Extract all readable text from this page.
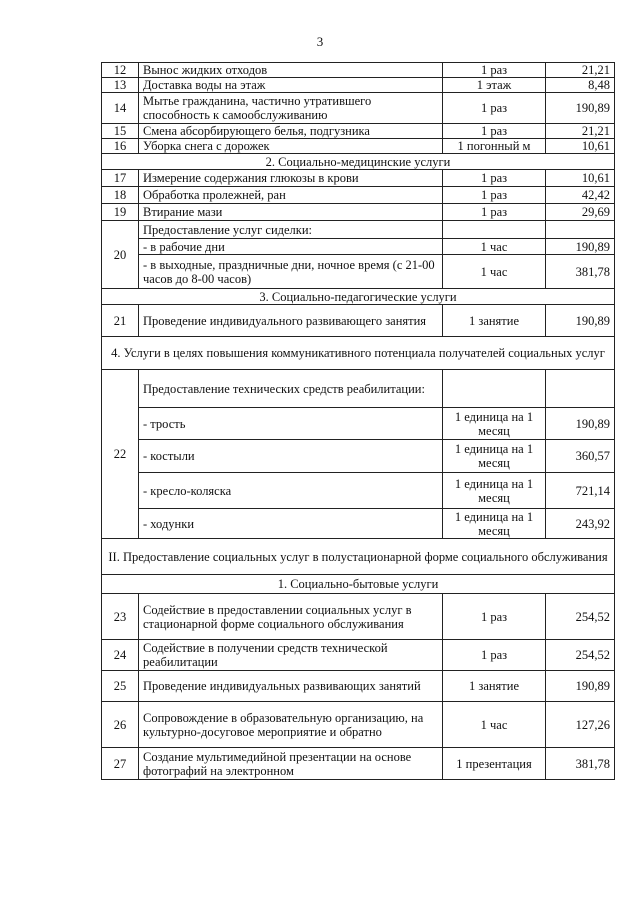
3
12	Вынос жидких отходов	1 раз	21,21
13	Доставка воды на этаж	1 этаж	8,48
14	Мытье гражданина, частично утратившего способность к самообслуживанию	1 раз	190,89
15	Смена абсорбирующего белья, подгузника	1 раз	21,21
16	Уборка снега с дорожек	1 погонный м	10,61
2. Социально-медицинские услуги			
17	Измерение содержания глюкозы в крови	1 раз	10,61
18	Обработка пролежней, ран	1 раз	42,42
19	Втирание мази	1 раз	29,69
20	Предоставление услуг сиделки:		
	- в рабочие дни	1 час	190,89
	- в выходные, праздничные дни, ночное время (с 21-00 часов до 8-00 часов)	1 час	381,78
3. Социально-педагогические услуги			
21	Проведение индивидуального развивающего занятия	1 занятие	190,89
4. Услуги в целях повышения коммуникативного потенциала получателей социальных услуг			
22	Предоставление технических средств реабилитации:		
	- трость	1 единица на 1 месяц	190,89
	- костыли	1 единица на 1 месяц	360,57
	- кресло-коляска	1 единица на 1 месяц	721,14
	- ходунки	1 единица на 1 месяц	243,92
II. Предоставление социальных услуг в полустационарной форме социального обслуживания			
1. Социально-бытовые услуги			
23	Содействие в предоставлении социальных услуг в стационарной форме социального обслуживания	1 раз	254,52
24	Содействие в получении средств технической реабилитации	1 раз	254,52
25	Проведение индивидуальных развивающих занятий	1 занятие	190,89
26	Сопровождение в образовательную организацию, на культурно-досуговое мероприятие и обратно	1 час	127,26
27	Создание мультимедийной презентации на основе фотографий на электронном	1 презентация	381,78
